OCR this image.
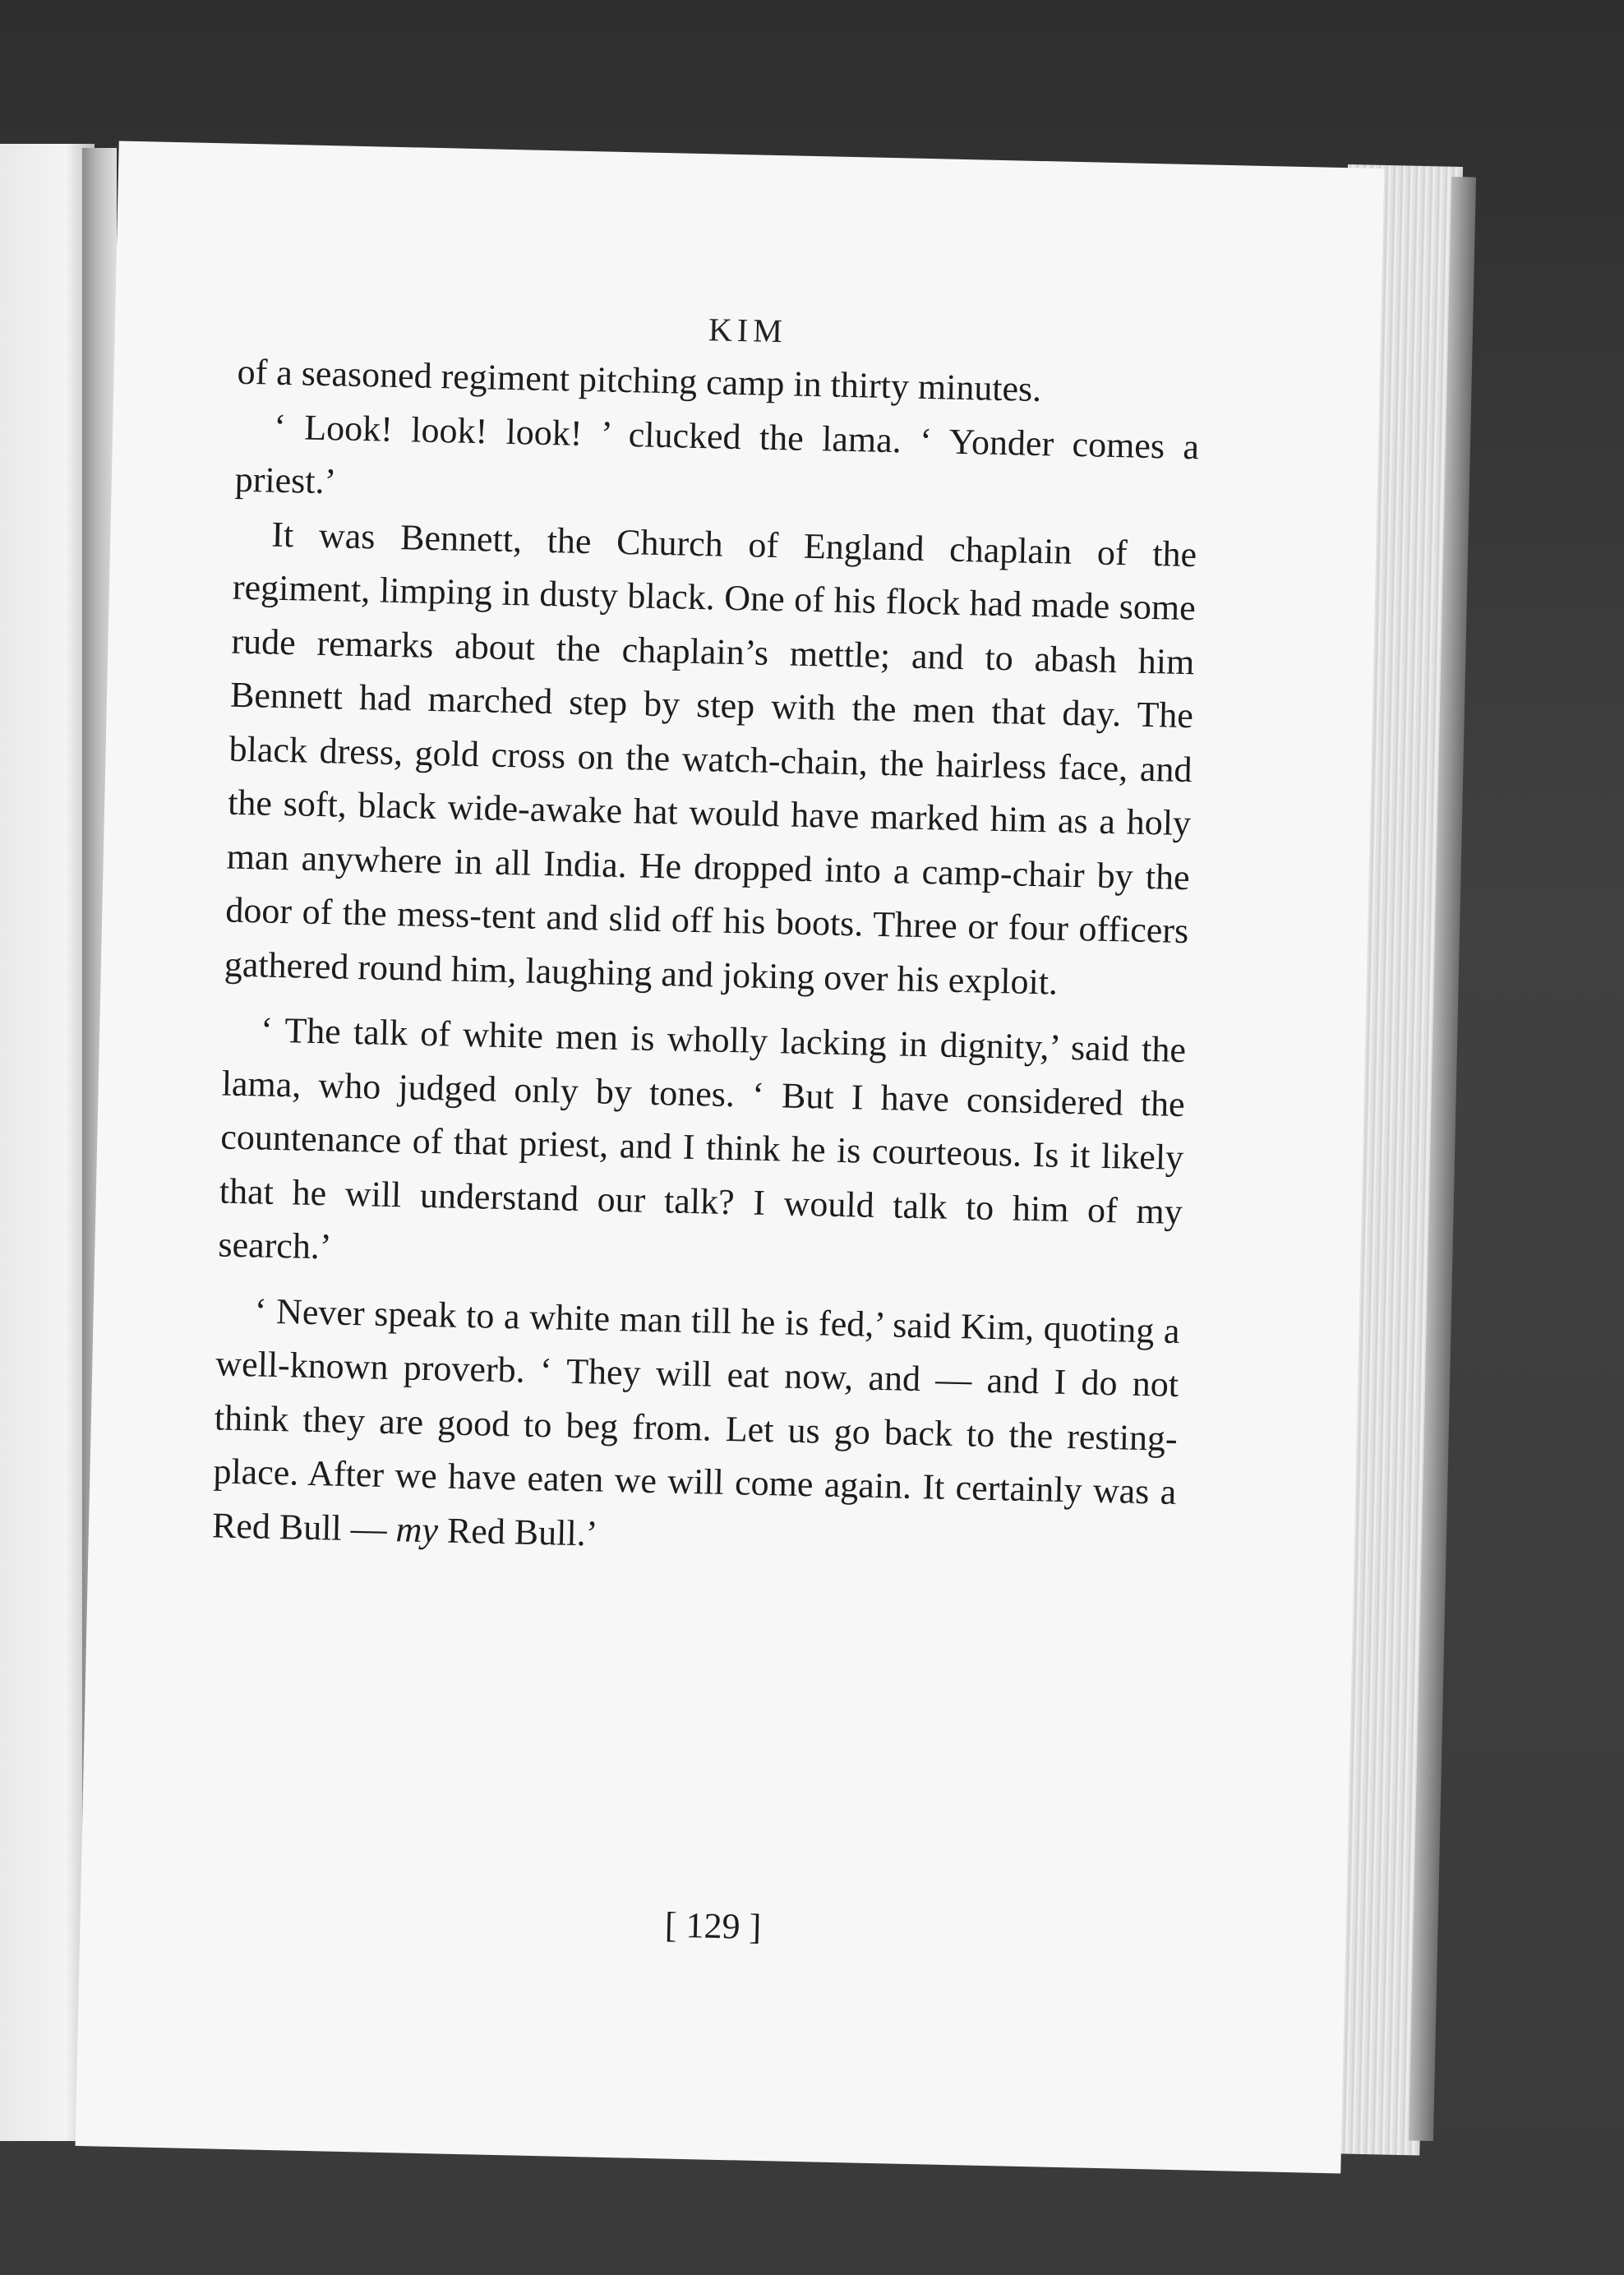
KIM

of a seasoned regiment pitching camp in thirty minutes.

‘ Look! look! look! ’ clucked the lama. ‘ Yonder comes a priest.’

It was Bennett, the Church of England chaplain of the regiment, limping in dusty black. One of his flock had made some rude remarks about the chaplain’s mettle; and to abash him Bennett had marched step by step with the men that day. The black dress, gold cross on the watch-chain, the hairless face, and the soft, black wide-awake hat would have marked him as a holy man anywhere in all India. He dropped into a camp-chair by the door of the mess-tent and slid off his boots. Three or four officers gathered round him, laughing and joking over his exploit.

‘ The talk of white men is wholly lacking in dignity,’ said the lama, who judged only by tones. ‘ But I have considered the countenance of that priest, and I think he is courteous. Is it likely that he will understand our talk? I would talk to him of my search.’

‘ Never speak to a white man till he is fed,’ said Kim, quoting a well-known proverb. ‘ They will eat now, and — and I do not think they are good to beg from. Let us go back to the resting-place. After we have eaten we will come again. It certainly was a Red Bull — my Red Bull.’

[ 129 ]
